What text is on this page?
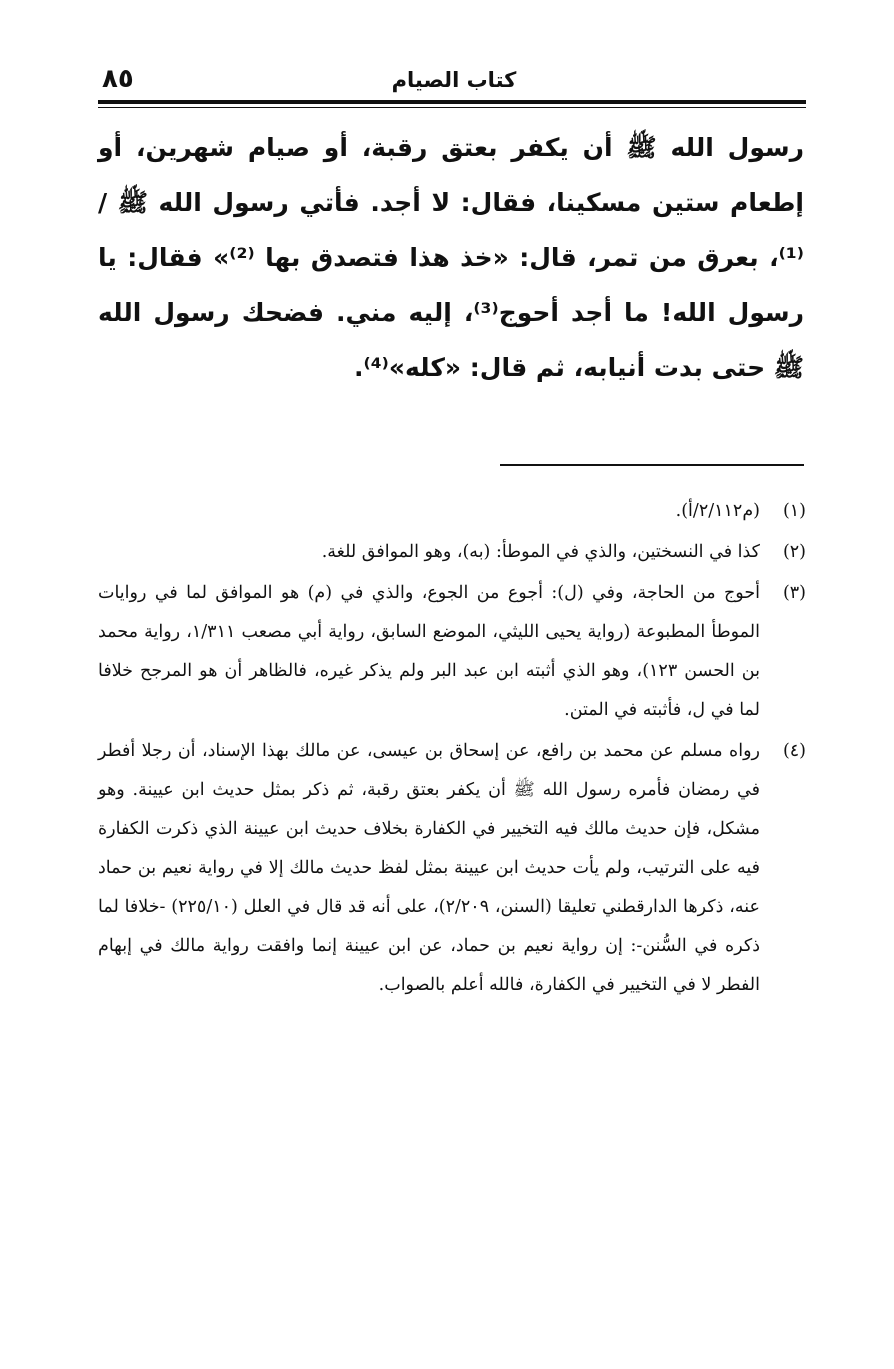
كتاب الصيام
٨٥
رسول الله ﷺ أن يكفر بعتق رقبة، أو صيام شهرين، أو إطعام ستين مسكينا، فقال: لا أجد. فأتي رسول الله ﷺ /⁽¹⁾، بعرق من تمر، قال: «خذ هذا فتصدق بها ⁽²⁾» فقال: يا رسول الله! ما أجد أحوج⁽³⁾، إليه مني. فضحك رسول الله ﷺ حتى بدت أنيابه، ثم قال: «كله»⁽⁴⁾.
(١)
(م٢/١١٢/أ).
(٢)
كذا في النسختين، والذي في الموطأ: (به)، وهو الموافق للغة.
(٣)
أحوج من الحاجة، وفي (ل): أجوع من الجوع، والذي في (م) هو الموافق لما في روايات الموطأ المطبوعة (رواية يحيى الليثي، الموضع السابق، رواية أبي مصعب ١/٣١١، رواية محمد بن الحسن ١٢٣)، وهو الذي أثبته ابن عبد البر ولم يذكر غيره، فالظاهر أن هو المرجح خلافا لما في ل، فأثبته في المتن.
(٤)
رواه مسلم عن محمد بن رافع، عن إسحاق بن عيسى، عن مالك بهذا الإسناد، أن رجلا أفطر في رمضان فأمره رسول الله ﷺ أن يكفر بعتق رقبة، ثم ذكر بمثل حديث ابن عيينة. وهو مشكل، فإن حديث مالك فيه التخيير في الكفارة بخلاف حديث ابن عيينة الذي ذكرت الكفارة فيه على الترتيب، ولم يأت حديث ابن عيينة بمثل لفظ حديث مالك إلا في رواية نعيم بن حماد عنه، ذكرها الدارقطني تعليقا (السنن، ٢/٢٠٩)، على أنه قد قال في العلل (٢٢٥/١٠) -خلافا لما ذكره في السُّنن-: إن رواية نعيم بن حماد، عن ابن عيينة إنما وافقت رواية مالك في إبهام الفطر لا في التخيير في الكفارة، فالله أعلم بالصواب.
